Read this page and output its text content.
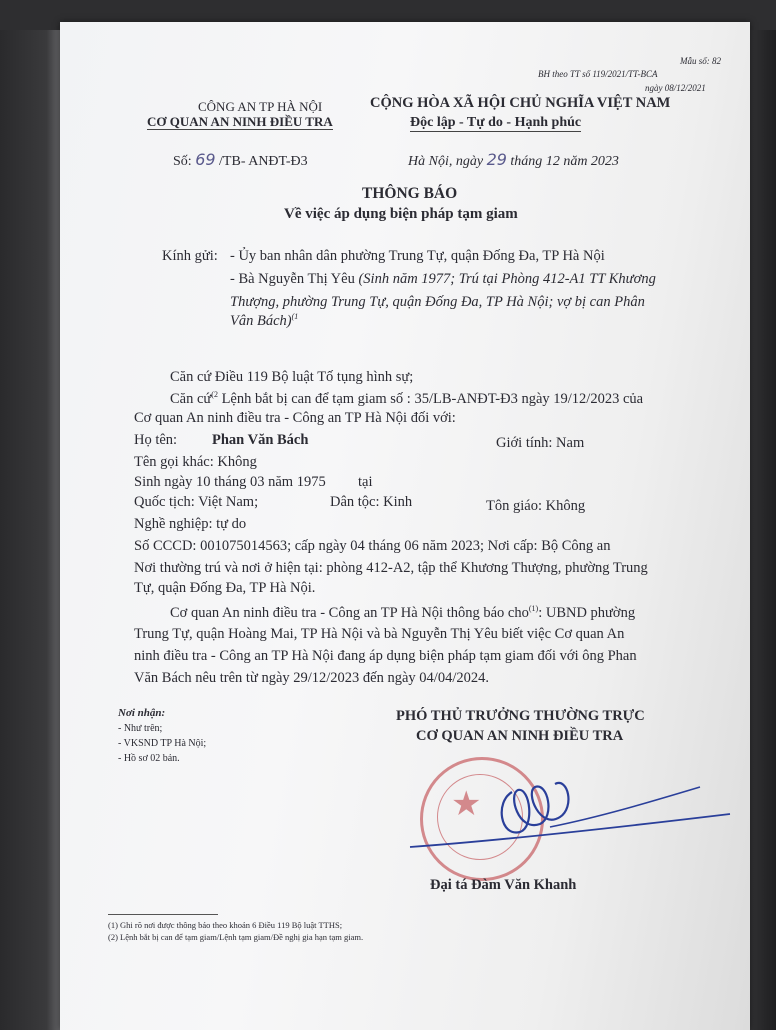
Mẫu số: 82
BH theo TT số 119/2021/TT-BCA
ngày 08/12/2021
CÔNG AN TP HÀ NỘI
CƠ QUAN AN NINH ĐIỀU TRA
Số: 69 /TB- ANĐT-Đ3
CỘNG HÒA XÃ HỘI CHỦ NGHĨA VIỆT NAM
Độc lập - Tự do - Hạnh phúc
Hà Nội, ngày 29 tháng 12 năm 2023
THÔNG BÁO
Về việc áp dụng biện pháp tạm giam
Kính gửi: - Ủy ban nhân dân phường Trung Tự, quận Đống Đa, TP Hà Nội
- Bà Nguyễn Thị Yêu (Sinh năm 1977; Trú tại Phòng 412-A1 TT Khương
Thượng, phường Trung Tự, quận Đống Đa, TP Hà Nội; vợ bị can Phân
Vân Bách)$^{(1}$
Căn cứ Điều 119 Bộ luật Tố tụng hình sự;
Căn cứ$^{(2}$ Lệnh bắt bị can để tạm giam số : 35/LB-ANĐT-Đ3 ngày 19/12/2023 của
Cơ quan An ninh điều tra - Công an TP Hà Nội đối với:
Họ tên: Phan Văn Bách	Giới tính: Nam
Tên gọi khác: Không
Sinh ngày 10 tháng 03 năm 1975 tại
Quốc tịch: Việt Nam;	Dân tộc: Kinh	Tôn giáo: Không
Nghề nghiệp: tự do
Số CCCD: 001075014563; cấp ngày 04 tháng 06 năm 2023; Nơi cấp: Bộ Công an
Nơi thường trú và nơi ở hiện tại: phòng 412-A2, tập thể Khương Thượng, phường Trung
Tự, quận Đống Đa, TP Hà Nội.
Cơ quan An ninh điều tra - Công an TP Hà Nội thông báo cho$^{(1)}$: UBND phường
Trung Tự, quận Hoàng Mai, TP Hà Nội và bà Nguyễn Thị Yêu biết việc Cơ quan An
ninh điều tra - Công an TP Hà Nội đang áp dụng biện pháp tạm giam đối với ông Phan
Văn Bách nêu trên từ ngày 29/12/2023 đến ngày 04/04/2024.
Nơi nhận:
- Như trên;
- VKSND TP Hà Nội;
- Hồ sơ 02 bản.
PHÓ THỦ TRƯỞNG THƯỜNG TRỰC
CƠ QUAN AN NINH ĐIỀU TRA
★
Đại tá Đàm Văn Khanh
(1) Ghi rõ nơi được thông báo theo khoản 6 Điều 119 Bộ luật TTHS;
(2) Lệnh bắt bị can để tạm giam/Lệnh tạm giam/Đề nghị gia hạn tạm giam.
